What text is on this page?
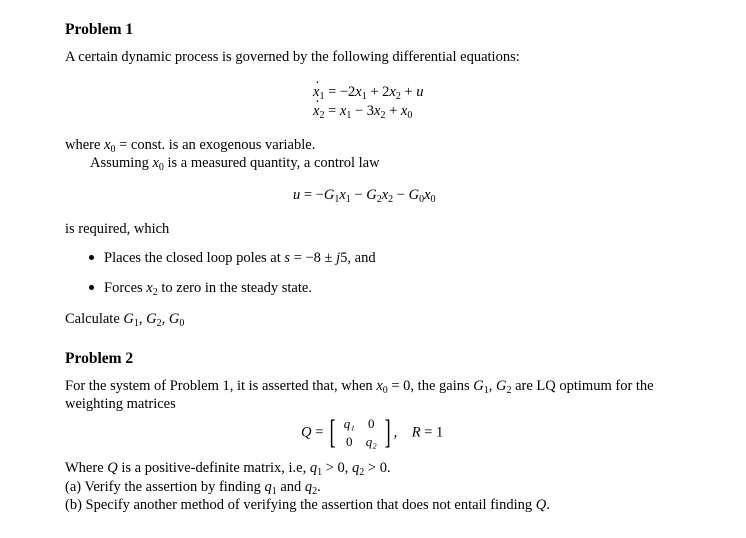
Problem 1
A certain dynamic process is governed by the following differential equations:
· $x_1 = -2x_1 + 2x_2 + u$
· $x_2 = x_1 - 3x_2 + x_0$
where $x_0$ = const. is an exogenous variable.
Assuming $x_0$ is a measured quantity, a control law
$u = -G_1x_1 - G_2x_2 - G_0x_0$
is required, which
Places the closed loop poles at s = −8 ± j5, and
Forces $x_2$ to zero in the steady state.
Calculate $G_1$, $G_2$, $G_0$
Problem 2
For the system of Problem 1, it is asserted that, when $x_0 = 0$, the gains $G_1$, $G_2$ are LQ optimum for the
weighting matrices
Q = [ q₁	0
0	q₂ ] ,    R = 1
Where Q is a positive-definite matrix, i.e, $q_1 > 0$, $q_2 > 0$.
(a) Verify the assertion by finding $q_1$ and $q_2$.
(b) Specify another method of verifying the assertion that does not entail finding Q.
